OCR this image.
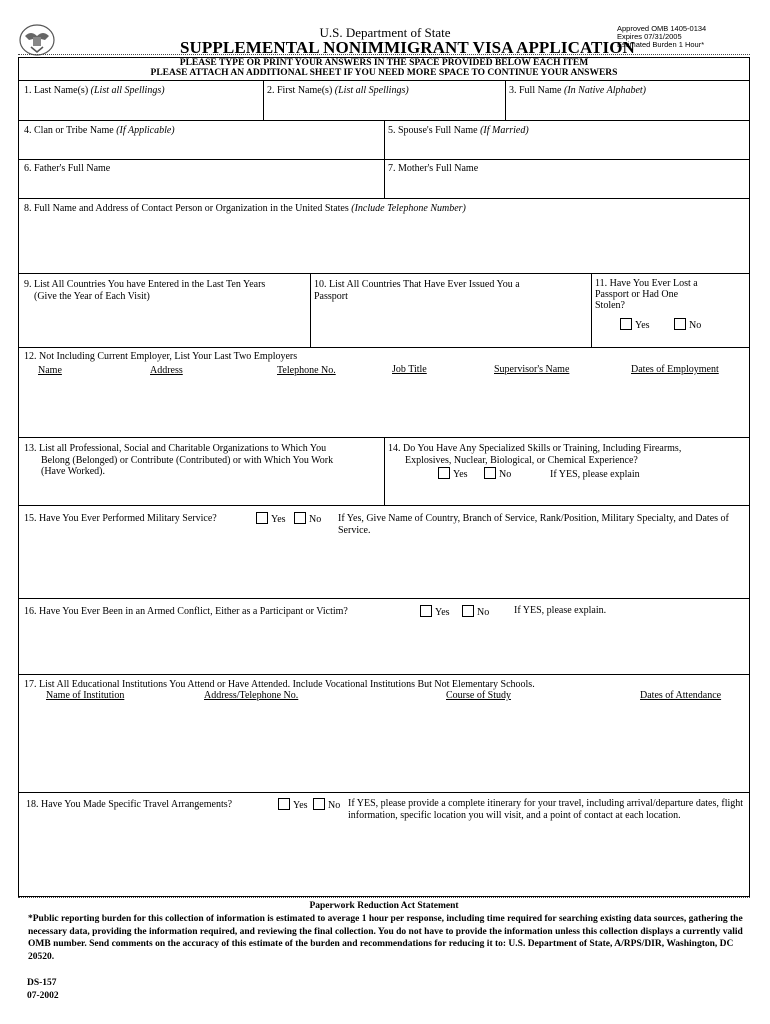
U.S. Department of State
SUPPLEMENTAL NONIMMIGRANT VISA APPLICATION
Approved OMB 1405-0134
Expires 07/31/2005
Estimated Burden 1 Hour*
PLEASE TYPE OR PRINT YOUR ANSWERS IN THE SPACE PROVIDED BELOW EACH ITEM
PLEASE ATTACH AN ADDITIONAL SHEET IF YOU NEED MORE SPACE TO CONTINUE YOUR ANSWERS
1. Last Name(s) (List all Spellings)	2. First Name(s) (List all Spellings)	3. Full Name (In Native Alphabet)
4. Clan or Tribe Name (If Applicable)	5. Spouse's Full Name (If Married)
6. Father's Full Name	7. Mother's Full Name
8. Full Name and Address of Contact Person or Organization in the United States (Include Telephone Number)
9. List All Countries You have Entered in the Last Ten Years
(Give the Year of Each Visit)
10. List All Countries That Have Ever Issued You a
Passport
11. Have You Ever Lost a
Passport or Had One
Stolen?
Yes	No
12. Not Including Current Employer, List Your Last Two Employers
Name	Address	Telephone No.	Job Title	Supervisor's Name	Dates of Employment
13. List all Professional, Social and Charitable Organizations to Which You
Belong (Belonged) or Contribute (Contributed) or with Which You Work
(Have Worked).
14. Do You Have Any Specialized Skills or Training, Including Firearms,
Explosives, Nuclear, Biological, or Chemical Experience?
Yes	No	If YES, please explain
15. Have You Ever Performed Military Service?	Yes	No If Yes, Give Name of Country, Branch of Service, Rank/Position, Military Specialty, and Dates of
Service.
16. Have You Ever Been in an Armed Conflict, Either as a Participant or Victim?	Yes	No If YES, please explain.
17. List All Educational Institutions You Attend or Have Attended. Include Vocational Institutions But Not Elementary Schools.
Name of Institution	Address/Telephone No.	Course of Study	Dates of Attendance
18. Have You Made Specific Travel Arrangements?	Yes	No If YES, please provide a complete itinerary for your travel, including arrival/departure dates, flight
information, specific location you will visit, and a point of contact at each location.
Paperwork Reduction Act Statement
*Public reporting burden for this collection of information is estimated to average 1 hour per response, including time required for searching existing data sources, gathering the necessary data, providing the information required, and reviewing the final collection. You do not have to provide the information unless this collection displays a currently valid OMB number. Send comments on the accuracy of this estimate of the burden and recommendations for reducing it to: U.S. Department of State, A/RPS/DIR, Washington, DC 20520.
DS-157
07-2002
